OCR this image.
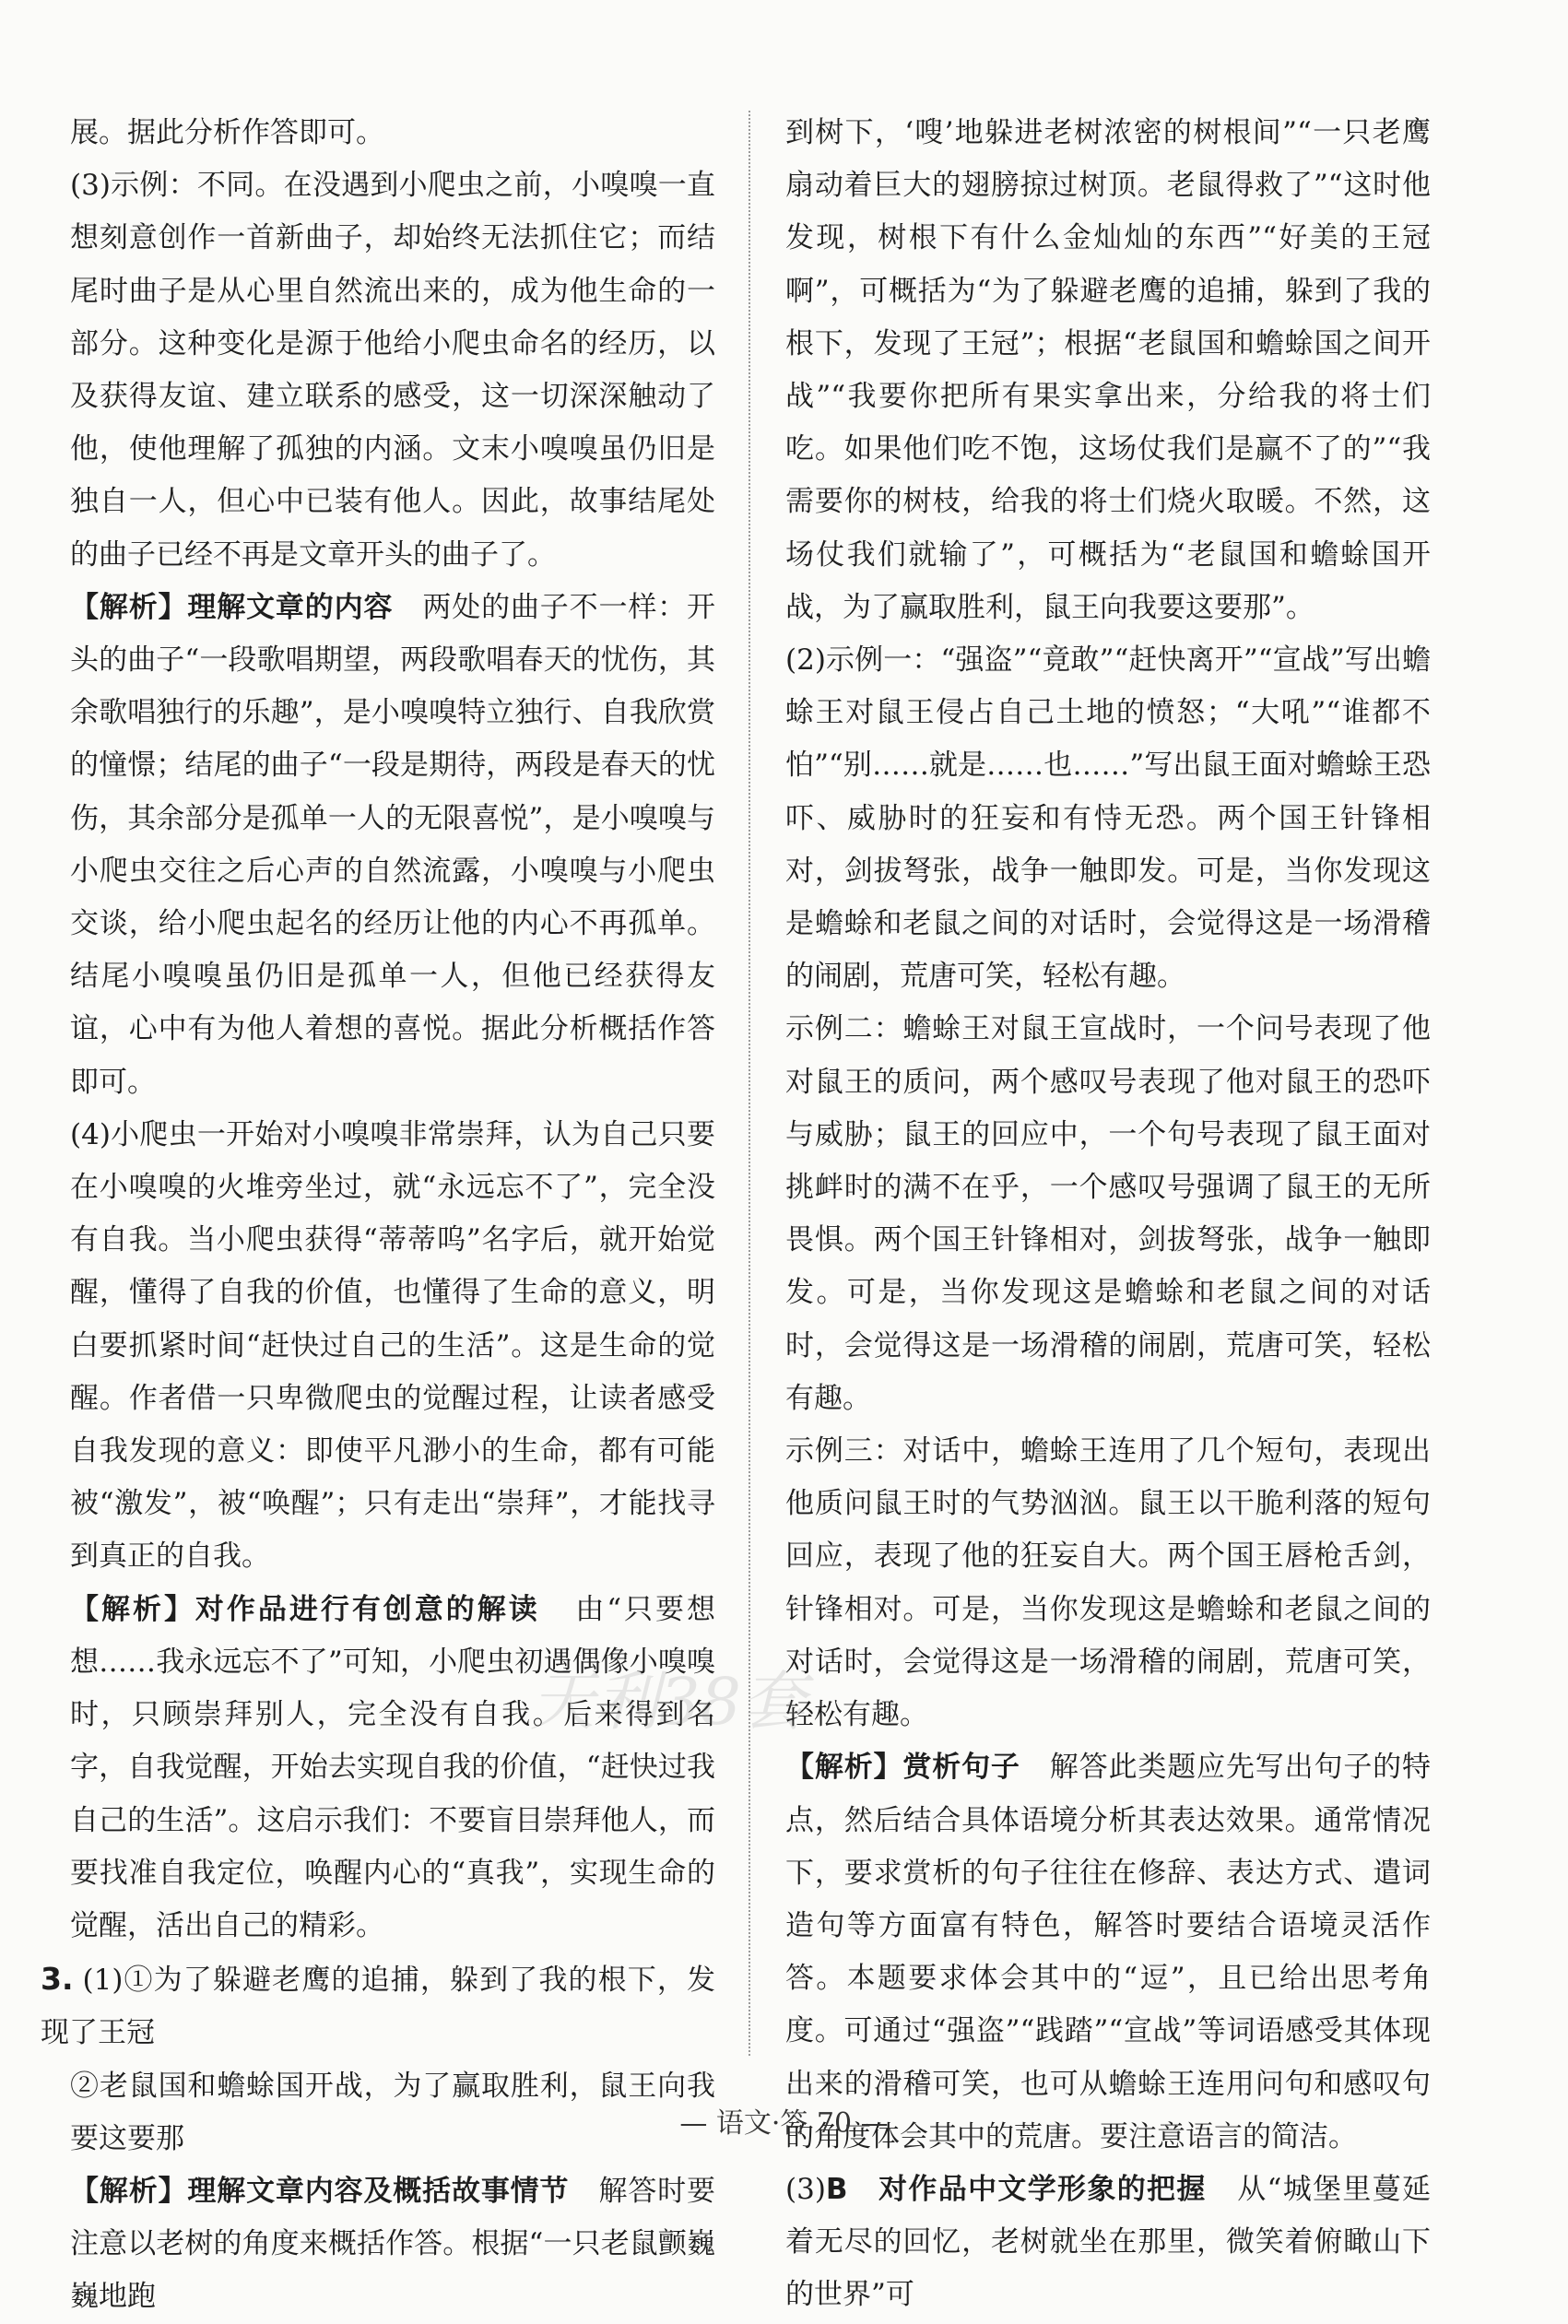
展。据此分析作答即可。

(3)示例：不同。在没遇到小爬虫之前，小嗅嗅一直想刻意创作一首新曲子，却始终无法抓住它；而结尾时曲子是从心里自然流出来的，成为他生命的一部分。这种变化是源于他给小爬虫命名的经历，以及获得友谊、建立联系的感受，这一切深深触动了他，使他理解了孤独的内涵。文末小嗅嗅虽仍旧是独自一人，但心中已装有他人。因此，故事结尾处的曲子已经不再是文章开头的曲子了。

【解析】理解文章的内容 两处的曲子不一样：开头的曲子“一段歌唱期望，两段歌唱春天的忧伤，其余歌唱独行的乐趣”，是小嗅嗅特立独行、自我欣赏的憧憬；结尾的曲子“一段是期待，两段是春天的忧伤，其余部分是孤单一人的无限喜悦”，是小嗅嗅与小爬虫交往之后心声的自然流露，小嗅嗅与小爬虫交谈，给小爬虫起名的经历让他的内心不再孤单。结尾小嗅嗅虽仍旧是孤单一人，但他已经获得友谊，心中有为他人着想的喜悦。据此分析概括作答即可。

(4)小爬虫一开始对小嗅嗅非常崇拜，认为自己只要在小嗅嗅的火堆旁坐过，就“永远忘不了”，完全没有自我。当小爬虫获得“蒂蒂呜”名字后，就开始觉醒，懂得了自我的价值，也懂得了生命的意义，明白要抓紧时间“赶快过自己的生活”。这是生命的觉醒。作者借一只卑微爬虫的觉醒过程，让读者感受自我发现的意义：即使平凡渺小的生命，都有可能被“激发”，被“唤醒”；只有走出“崇拜”，才能找寻到真正的自我。

【解析】对作品进行有创意的解读 由“只要想想……我永远忘不了”可知，小爬虫初遇偶像小嗅嗅时，只顾崇拜别人，完全没有自我。后来得到名字，自我觉醒，开始去实现自我的价值，“赶快过我自己的生活”。这启示我们：不要盲目崇拜他人，而要找准自我定位，唤醒内心的“真我”，实现生命的觉醒，活出自己的精彩。

3. (1)①为了躲避老鹰的追捕，躲到了我的根下，发现了王冠

②老鼠国和蟾蜍国开战，为了赢取胜利，鼠王向我要这要那

【解析】理解文章内容及概括故事情节 解答时要注意以老树的角度来概括作答。根据“一只老鼠颤巍巍地跑

到树下，‘嗖’地躲进老树浓密的树根间”“一只老鹰扇动着巨大的翅膀掠过树顶。老鼠得救了”“这时他发现，树根下有什么金灿灿的东西”“好美的王冠啊”，可概括为“为了躲避老鹰的追捕，躲到了我的根下，发现了王冠”；根据“老鼠国和蟾蜍国之间开战”“我要你把所有果实拿出来，分给我的将士们吃。如果他们吃不饱，这场仗我们是赢不了的”“我需要你的树枝，给我的将士们烧火取暖。不然，这场仗我们就输了”，可概括为“老鼠国和蟾蜍国开战，为了赢取胜利，鼠王向我要这要那”。

(2)示例一：“强盗”“竟敢”“赶快离开”“宣战”写出蟾蜍王对鼠王侵占自己土地的愤怒；“大吼”“谁都不怕”“别……就是……也……”写出鼠王面对蟾蜍王恐吓、威胁时的狂妄和有恃无恐。两个国王针锋相对，剑拔弩张，战争一触即发。可是，当你发现这是蟾蜍和老鼠之间的对话时，会觉得这是一场滑稽的闹剧，荒唐可笑，轻松有趣。

示例二：蟾蜍王对鼠王宣战时，一个问号表现了他对鼠王的质问，两个感叹号表现了他对鼠王的恐吓与威胁；鼠王的回应中，一个句号表现了鼠王面对挑衅时的满不在乎，一个感叹号强调了鼠王的无所畏惧。两个国王针锋相对，剑拔弩张，战争一触即发。可是，当你发现这是蟾蜍和老鼠之间的对话时，会觉得这是一场滑稽的闹剧，荒唐可笑，轻松有趣。

示例三：对话中，蟾蜍王连用了几个短句，表现出他质问鼠王时的气势汹汹。鼠王以干脆利落的短句回应，表现了他的狂妄自大。两个国王唇枪舌剑，针锋相对。可是，当你发现这是蟾蜍和老鼠之间的对话时，会觉得这是一场滑稽的闹剧，荒唐可笑，轻松有趣。

【解析】赏析句子 解答此类题应先写出句子的特点，然后结合具体语境分析其表达效果。通常情况下，要求赏析的句子往往在修辞、表达方式、遣词造句等方面富有特色，解答时要结合语境灵活作答。本题要求体会其中的“逗”，且已给出思考角度。可通过“强盗”“践踏”“宣战”等词语感受其体现出来的滑稽可笑，也可从蟾蜍王连用问句和感叹句的角度体会其中的荒唐。要注意语言的简洁。

(3)B 对作品中文学形象的把握 从“城堡里蔓延着无尽的回忆，老树就坐在那里，微笑着俯瞰山下的世界”可

天利38套
— 语文·答 70 —
